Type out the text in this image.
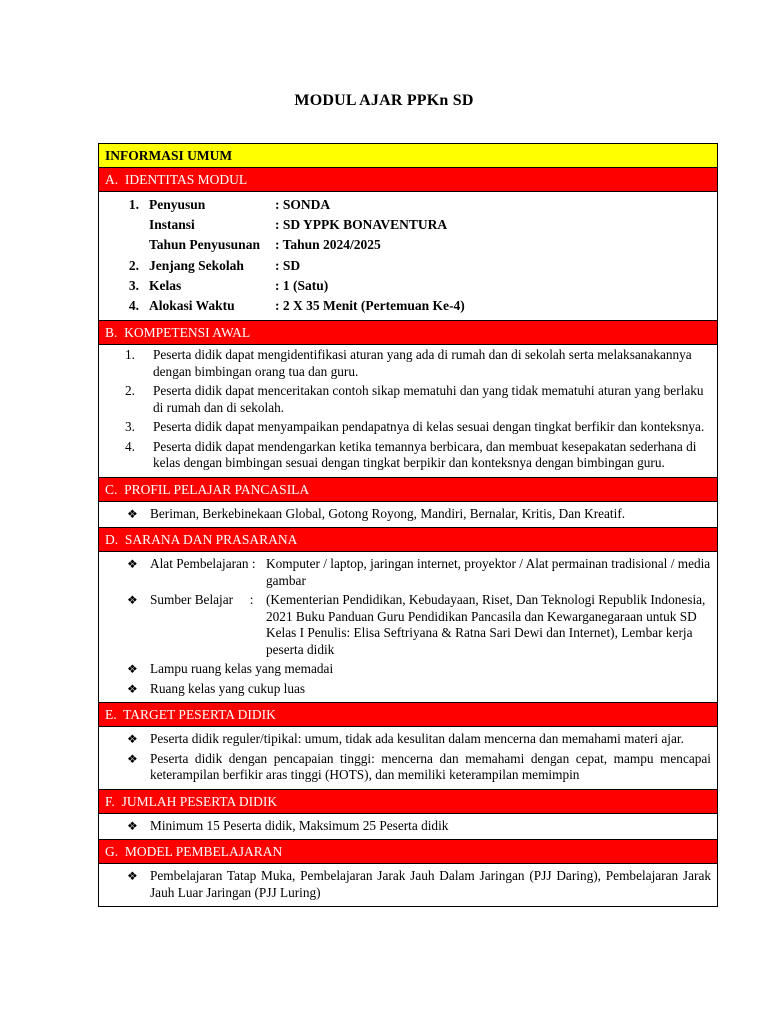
MODUL AJAR PPKn SD
INFORMASI UMUM
A. IDENTITAS MODUL
1. Penyusun	: SONDA
Instansi	: SD YPPK BONAVENTURA
Tahun Penyusunan	: Tahun 2024/2025
2. Jenjang Sekolah	: SD
3. Kelas	: 1 (Satu)
4. Alokasi Waktu	: 2 X 35 Menit (Pertemuan Ke-4)
B. KOMPETENSI AWAL
1.	Peserta didik dapat mengidentifikasi aturan yang ada di rumah dan di sekolah serta melaksanakannya dengan bimbingan orang tua dan guru.
2.	Peserta didik dapat menceritakan contoh sikap mematuhi dan yang tidak mematuhi aturan yang berlaku di rumah dan di sekolah.
3.	Peserta didik dapat menyampaikan pendapatnya di kelas sesuai dengan tingkat berfikir dan konteksnya.
4.	Peserta didik dapat mendengarkan ketika temannya berbicara, dan membuat kesepakatan sederhana di kelas dengan bimbingan sesuai dengan tingkat berpikir dan konteksnya dengan bimbingan guru.
C. PROFIL PELAJAR PANCASILA
❖ Beriman, Berkebinekaan Global, Gotong Royong, Mandiri, Bernalar, Kritis, Dan Kreatif.
D. SARANA DAN PRASARANA
❖ Alat Pembelajaran : Komputer / laptop, jaringan internet, proyektor / Alat permainan tradisional / media gambar
❖ Sumber Belajar     : (Kementerian Pendidikan, Kebudayaan, Riset, Dan Teknologi Republik Indonesia, 2021 Buku Panduan Guru Pendidikan Pancasila dan Kewarganegaraan untuk SD Kelas I Penulis: Elisa Seftriyana & Ratna Sari Dewi dan Internet), Lembar kerja peserta didik
❖ Lampu ruang kelas yang memadai
❖ Ruang kelas yang cukup luas
E. TARGET PESERTA DIDIK
❖ Peserta didik reguler/tipikal: umum, tidak ada kesulitan dalam mencerna dan memahami materi ajar.
❖ Peserta didik dengan pencapaian tinggi: mencerna dan memahami dengan cepat, mampu mencapai keterampilan berfikir aras tinggi (HOTS), dan memiliki keterampilan memimpin
F. JUMLAH PESERTA DIDIK
❖ Minimum 15 Peserta didik, Maksimum 25 Peserta didik
G. MODEL PEMBELAJARAN
❖ Pembelajaran Tatap Muka, Pembelajaran Jarak Jauh Dalam Jaringan (PJJ Daring), Pembelajaran Jarak Jauh Luar Jaringan (PJJ Luring)
